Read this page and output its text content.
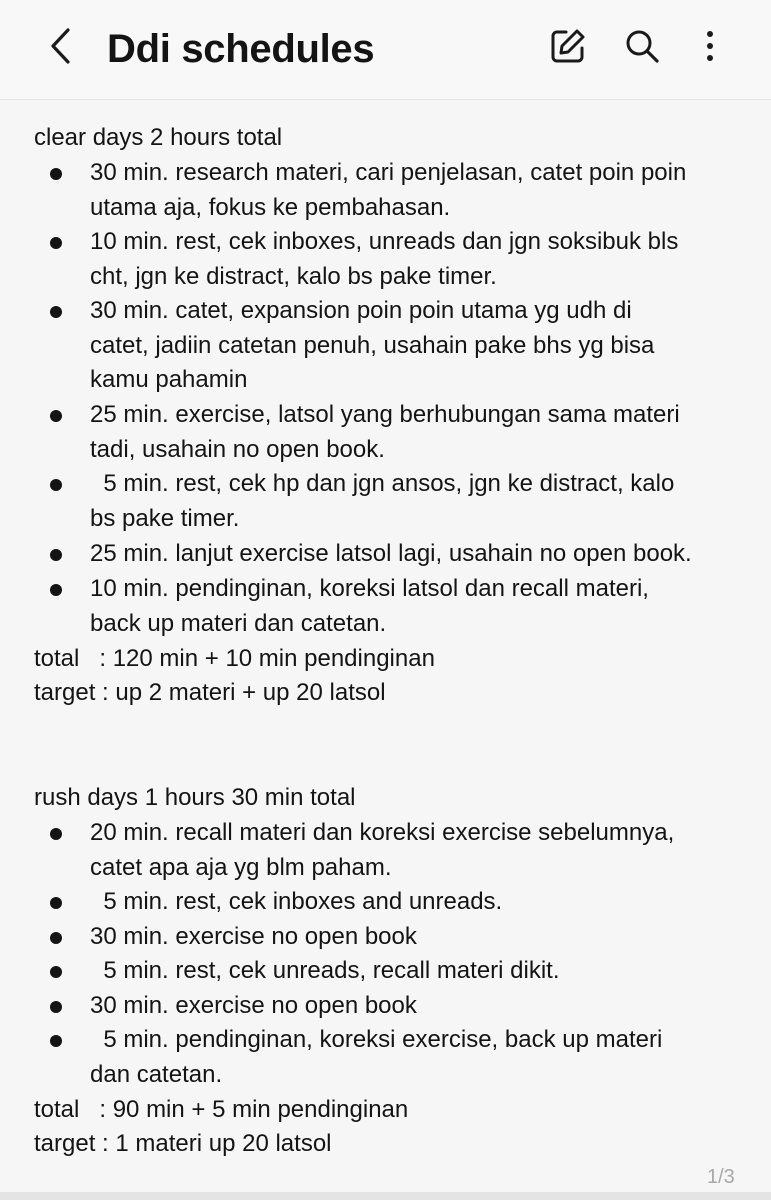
Ddi schedules
clear days 2 hours total
30 min. research materi, cari penjelasan, catet poin poin
utama aja, fokus ke pembahasan.
10 min. rest, cek inboxes, unreads dan jgn soksibuk bls
cht, jgn ke distract, kalo bs pake timer.
30 min. catet, expansion poin poin utama yg udh di
catet, jadiin catetan penuh, usahain pake bhs yg bisa
kamu pahamin
25 min. exercise, latsol yang berhubungan sama materi
tadi, usahain no open book.
5 min. rest, cek hp dan jgn ansos, jgn ke distract, kalo
bs pake timer.
25 min. lanjut exercise latsol lagi, usahain no open book.
10 min. pendinginan, koreksi latsol dan recall materi,
back up materi dan catetan.
total   : 120 min + 10 min pendinginan
target : up 2 materi + up 20 latsol
rush days 1 hours 30 min total
20 min. recall materi dan koreksi exercise sebelumnya,
catet apa aja yg blm paham.
5 min. rest, cek inboxes and unreads.
30 min. exercise no open book
5 min. rest, cek unreads, recall materi dikit.
30 min. exercise no open book
5 min. pendinginan, koreksi exercise, back up materi
dan catetan.
total   : 90 min + 5 min pendinginan
target : 1 materi up 20 latsol
1/3
